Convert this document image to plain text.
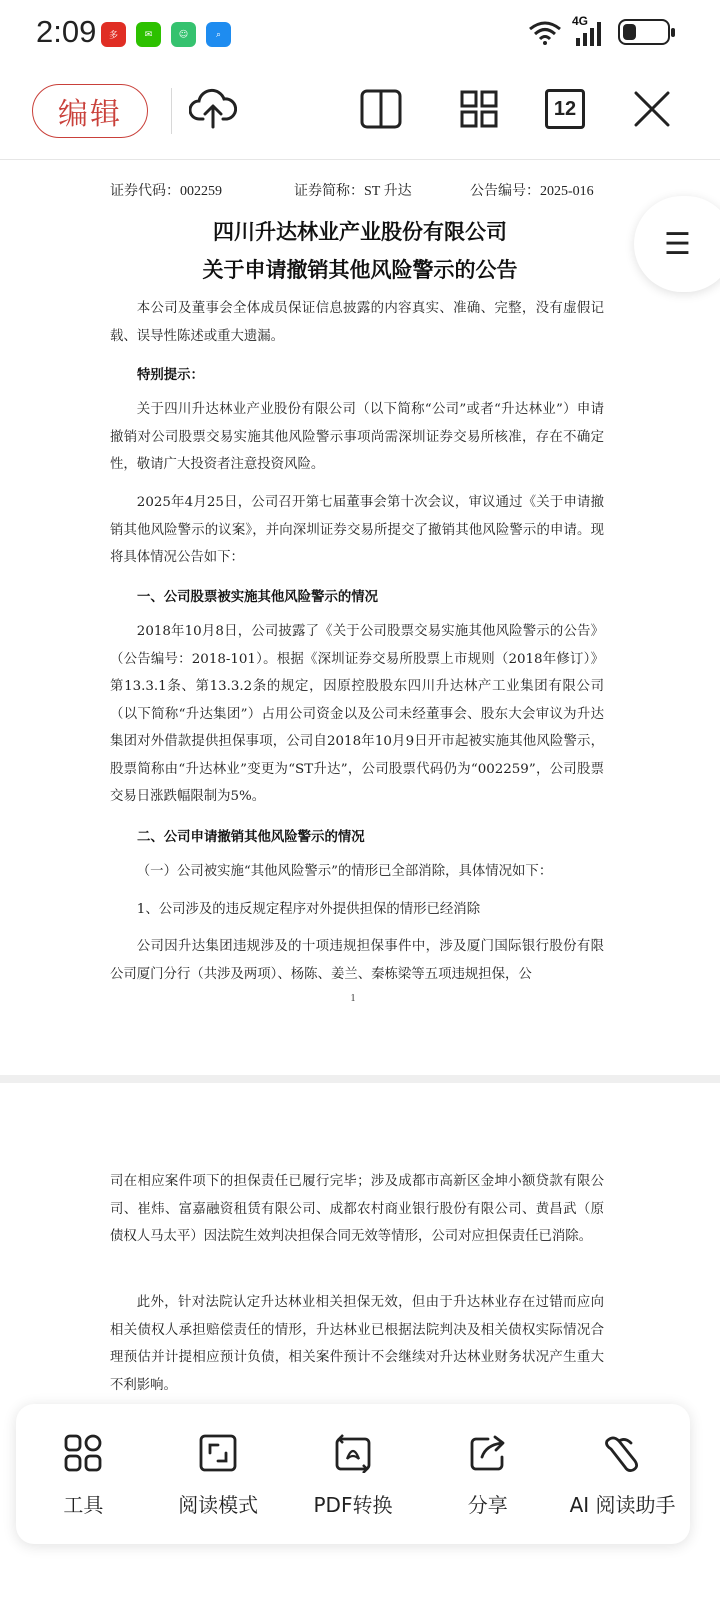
2:09	多	✉	☺	⌕
4G
编辑	12
证券代码：002259	证券简称：ST 升达	公告编号：2025-016
四川升达林业产业股份有限公司
关于申请撤销其他风险警示的公告
本公司及董事会全体成员保证信息披露的内容真实、准确、完整，没有虚假记载、误导性陈述或重大遗漏。
特别提示：
关于四川升达林业产业股份有限公司（以下简称“公司”或者“升达林业”）申请撤销对公司股票交易实施其他风险警示事项尚需深圳证券交易所核准，存在不确定性，敬请广大投资者注意投资风险。
2025年4月25日，公司召开第七届董事会第十次会议，审议通过《关于申请撤销其他风险警示的议案》，并向深圳证券交易所提交了撤销其他风险警示的申请。现将具体情况公告如下：
一、公司股票被实施其他风险警示的情况
2018年10月8日，公司披露了《关于公司股票交易实施其他风险警示的公告》（公告编号：2018-101）。根据《深圳证券交易所股票上市规则（2018年修订）》第13.3.1条、第13.3.2条的规定，因原控股股东四川升达林产工业集团有限公司（以下简称“升达集团”）占用公司资金以及公司未经董事会、股东大会审议为升达集团对外借款提供担保事项，公司自2018年10月9日开市起被实施其他风险警示，股票简称由“升达林业”变更为“ST升达”，公司股票代码仍为“002259”，公司股票交易日涨跌幅限制为5%。
二、公司申请撤销其他风险警示的情况
（一）公司被实施“其他风险警示”的情形已全部消除，具体情况如下：
1、公司涉及的违反规定程序对外提供担保的情形已经消除
公司因升达集团违规涉及的十项违规担保事件中，涉及厦门国际银行股份有限公司厦门分行（共涉及两项）、杨陈、姜兰、秦栋梁等五项违规担保，公
1
司在相应案件项下的担保责任已履行完毕；涉及成都市高新区金坤小额贷款有限公司、崔炜、富嘉融资租赁有限公司、成都农村商业银行股份有限公司、黄昌武（原债权人马太平）因法院生效判决担保合同无效等情形，公司对应担保责任已消除。
此外，针对法院认定升达林业相关担保无效，但由于升达林业存在过错而应向相关债权人承担赔偿责任的情形，升达林业已根据法院判决及相关债权实际情况合理预估并计提相应预计负债，相关案件预计不会继续对升达林业财务状况产生重大不利影响。
☰
工具	阅读模式	PDF转换	分享	AI 阅读助手
